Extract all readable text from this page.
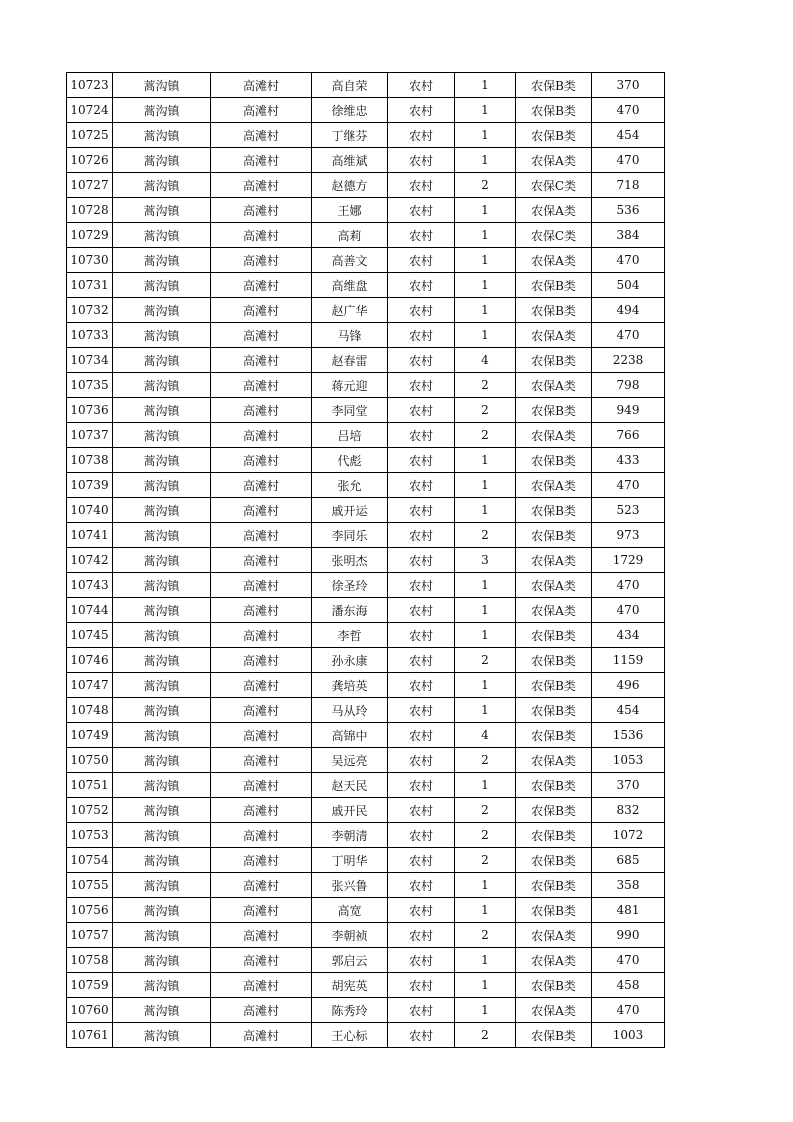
10723	蒿沟镇	高滩村	高自荣	农村	1	农保B类	370
10724	蒿沟镇	高滩村	徐维忠	农村	1	农保B类	470
10725	蒿沟镇	高滩村	丁继芬	农村	1	农保B类	454
10726	蒿沟镇	高滩村	高维斌	农村	1	农保A类	470
10727	蒿沟镇	高滩村	赵德方	农村	2	农保C类	718
10728	蒿沟镇	高滩村	王娜	农村	1	农保A类	536
10729	蒿沟镇	高滩村	高莉	农村	1	农保C类	384
10730	蒿沟镇	高滩村	高善文	农村	1	农保A类	470
10731	蒿沟镇	高滩村	高维盘	农村	1	农保B类	504
10732	蒿沟镇	高滩村	赵广华	农村	1	农保B类	494
10733	蒿沟镇	高滩村	马锋	农村	1	农保A类	470
10734	蒿沟镇	高滩村	赵春雷	农村	4	农保B类	2238
10735	蒿沟镇	高滩村	蒋元迎	农村	2	农保A类	798
10736	蒿沟镇	高滩村	李同堂	农村	2	农保B类	949
10737	蒿沟镇	高滩村	吕培	农村	2	农保A类	766
10738	蒿沟镇	高滩村	代彪	农村	1	农保B类	433
10739	蒿沟镇	高滩村	张允	农村	1	农保A类	470
10740	蒿沟镇	高滩村	戚开运	农村	1	农保B类	523
10741	蒿沟镇	高滩村	李同乐	农村	2	农保B类	973
10742	蒿沟镇	高滩村	张明杰	农村	3	农保A类	1729
10743	蒿沟镇	高滩村	徐圣玲	农村	1	农保A类	470
10744	蒿沟镇	高滩村	潘东海	农村	1	农保A类	470
10745	蒿沟镇	高滩村	李哲	农村	1	农保B类	434
10746	蒿沟镇	高滩村	孙永康	农村	2	农保B类	1159
10747	蒿沟镇	高滩村	龚培英	农村	1	农保B类	496
10748	蒿沟镇	高滩村	马从玲	农村	1	农保B类	454
10749	蒿沟镇	高滩村	高锦中	农村	4	农保B类	1536
10750	蒿沟镇	高滩村	吴远亮	农村	2	农保A类	1053
10751	蒿沟镇	高滩村	赵天民	农村	1	农保B类	370
10752	蒿沟镇	高滩村	戚开民	农村	2	农保B类	832
10753	蒿沟镇	高滩村	李朝清	农村	2	农保B类	1072
10754	蒿沟镇	高滩村	丁明华	农村	2	农保B类	685
10755	蒿沟镇	高滩村	张兴鲁	农村	1	农保B类	358
10756	蒿沟镇	高滩村	高宽	农村	1	农保B类	481
10757	蒿沟镇	高滩村	李朝祯	农村	2	农保A类	990
10758	蒿沟镇	高滩村	郭启云	农村	1	农保A类	470
10759	蒿沟镇	高滩村	胡宪英	农村	1	农保B类	458
10760	蒿沟镇	高滩村	陈秀玲	农村	1	农保A类	470
10761	蒿沟镇	高滩村	王心标	农村	2	农保B类	1003
